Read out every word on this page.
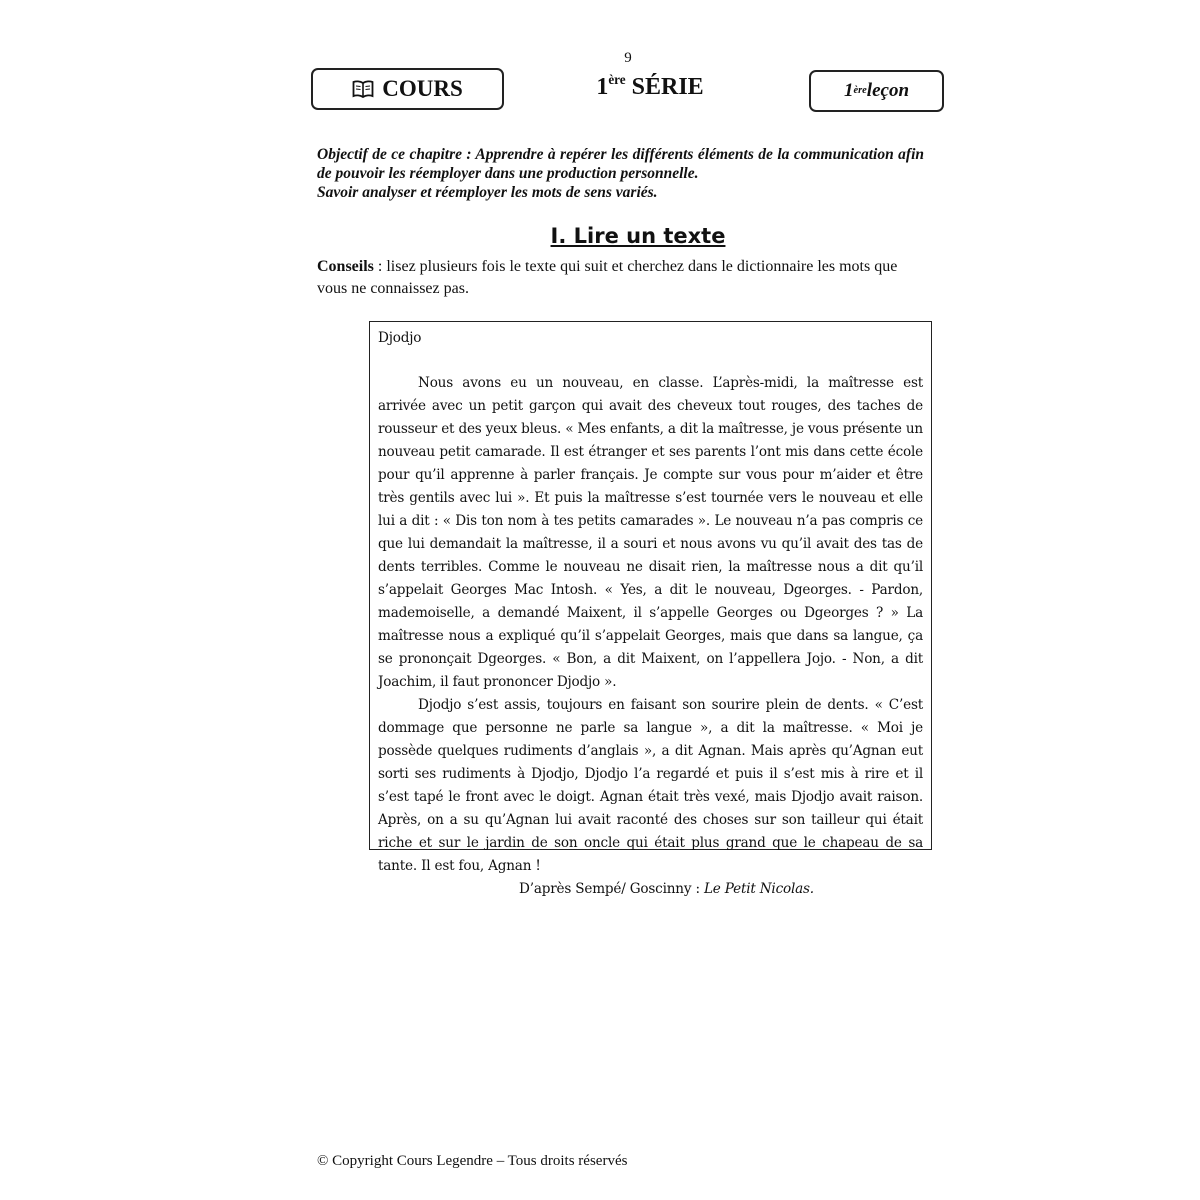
9
COURS	1ère SÉRIE	1 ère leçon

Objectif de ce chapitre : Apprendre à repérer les différents éléments de la communication afin de pouvoir les réemployer dans une production personnelle.

Savoir analyser et réemployer les mots de sens variés.

I. Lire un texte

Conseils : lisez plusieurs fois le texte qui suit et cherchez dans le dictionnaire les mots que vous ne connaissez pas.

Djodjo

Nous avons eu un nouveau, en classe. L’après-midi, la maîtresse est arrivée avec un petit garçon qui avait des cheveux tout rouges, des taches de rousseur et des yeux bleus. « Mes enfants, a dit la maîtresse, je vous présente un nouveau petit camarade. Il est étranger et ses parents l’ont mis dans cette école pour qu’il apprenne à parler français. Je compte sur vous pour m’aider et être très gentils avec lui ». Et puis la maîtresse s’est tournée vers le nouveau et elle lui a dit : « Dis ton nom à tes petits camarades ». Le nouveau n’a pas compris ce que lui demandait la maîtresse, il a souri et nous avons vu qu’il avait des tas de dents terribles. Comme le nouveau ne disait rien, la maîtresse nous a dit qu’il s’appelait Georges Mac Intosh. « Yes, a dit le nouveau, Dgeorges. - Pardon, mademoiselle, a demandé Maixent, il s’appelle Georges ou Dgeorges ? » La maîtresse nous a expliqué qu’il s’appelait Georges, mais que dans sa langue, ça se prononçait Dgeorges. « Bon, a dit Maixent, on l’appellera Jojo. - Non, a dit Joachim, il faut prononcer Djodjo ».

Djodjo s’est assis, toujours en faisant son sourire plein de dents. « C’est dommage que personne ne parle sa langue », a dit la maîtresse. « Moi je possède quelques rudiments d’anglais », a dit Agnan. Mais après qu’Agnan eut sorti ses rudiments à Djodjo, Djodjo l’a regardé et puis il s’est mis à rire et il s’est tapé le front avec le doigt. Agnan était très vexé, mais Djodjo avait raison. Après, on a su qu’Agnan lui avait raconté des choses sur son tailleur qui était riche et sur le jardin de son oncle qui était plus grand que le chapeau de sa tante. Il est fou, Agnan !

D’après Sempé/ Goscinny : Le Petit Nicolas.

© Copyright Cours Legendre – Tous droits réservés
